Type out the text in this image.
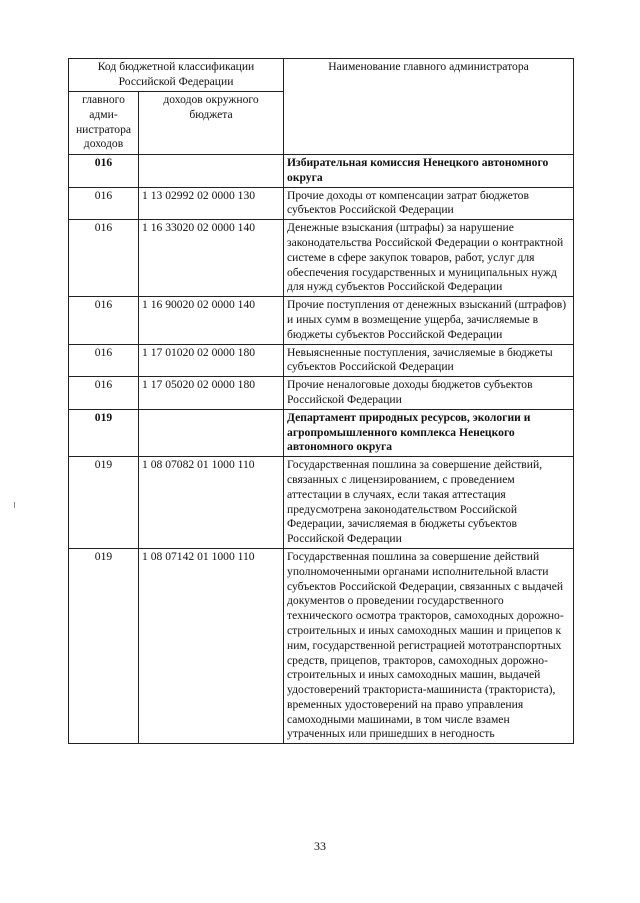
Код бюджетной классификации Российской Федерации		Наименование главного администратора
главного адми-нистратора доходов	доходов окружного бюджета	
016		Избирательная комиссия Ненецкого автономного округа
016	1 13 02992 02 0000 130	Прочие доходы от компенсации затрат бюджетов субъектов Российской Федерации
016	1 16 33020 02 0000 140	Денежные взыскания (штрафы) за нарушение законодательства Российской Федерации о контрактной системе в сфере закупок товаров, работ, услуг для обеспечения государственных и муниципальных нужд для нужд субъектов Российской Федерации
016	1 16 90020 02 0000 140	Прочие поступления от денежных взысканий (штрафов) и иных сумм в возмещение ущерба, зачисляемые в бюджеты субъектов Российской Федерации
016	1 17 01020 02 0000 180	Невыясненные поступления, зачисляемые в бюджеты субъектов Российской Федерации
016	1 17 05020 02 0000 180	Прочие неналоговые доходы бюджетов субъектов Российской Федерации
019		Департамент природных ресурсов, экологии и агропромышленного комплекса Ненецкого автономного округа
019	1 08 07082 01 1000 110	Государственная пошлина за совершение действий, связанных с лицензированием, с проведением аттестации в случаях, если такая аттестация предусмотрена законодательством Российской Федерации, зачисляемая в бюджеты субъектов Российской Федерации
019	1 08 07142 01 1000 110	Государственная пошлина за совершение действий уполномоченными органами исполнительной власти субъектов Российской Федерации, связанных с выдачей документов о проведении государственного технического осмотра тракторов, самоходных дорожно-строительных и иных самоходных машин и прицепов к ним, государственной регистрацией мототранспортных средств, прицепов, тракторов, самоходных дорожно-строительных и иных самоходных машин, выдачей удостоверений тракториста-машиниста (тракториста), временных удостоверений на право управления самоходными машинами, в том числе взамен утраченных или пришедших в негодность
33
